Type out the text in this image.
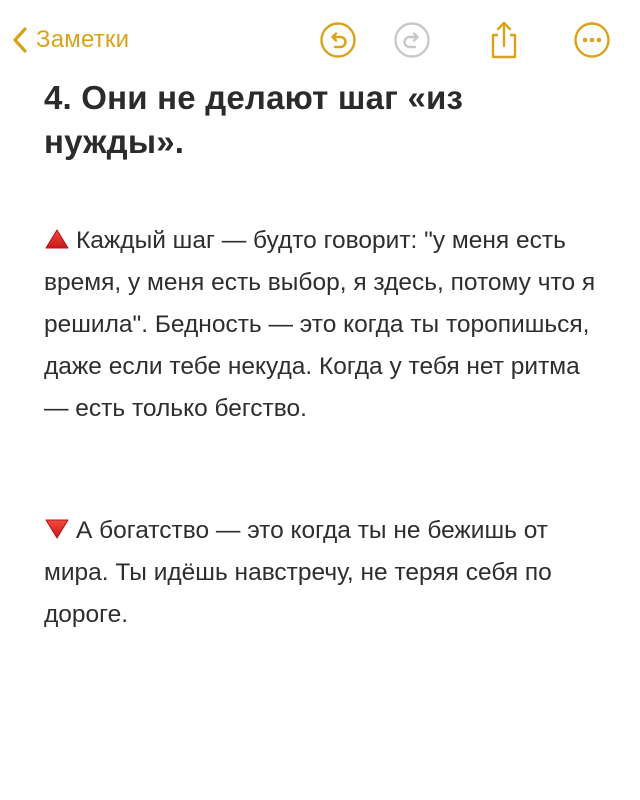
Заметки
4. Они не делают шаг «из нужды».

Каждый шаг — будто говорит: "у меня есть время, у меня есть выбор, я здесь, потому что я решила". Бедность — это когда ты торопишься, даже если тебе некуда. Когда у тебя нет ритма — есть только бегство.

А богатство — это когда ты не бежишь от мира. Ты идёшь навстречу, не теряя себя по дороге.
